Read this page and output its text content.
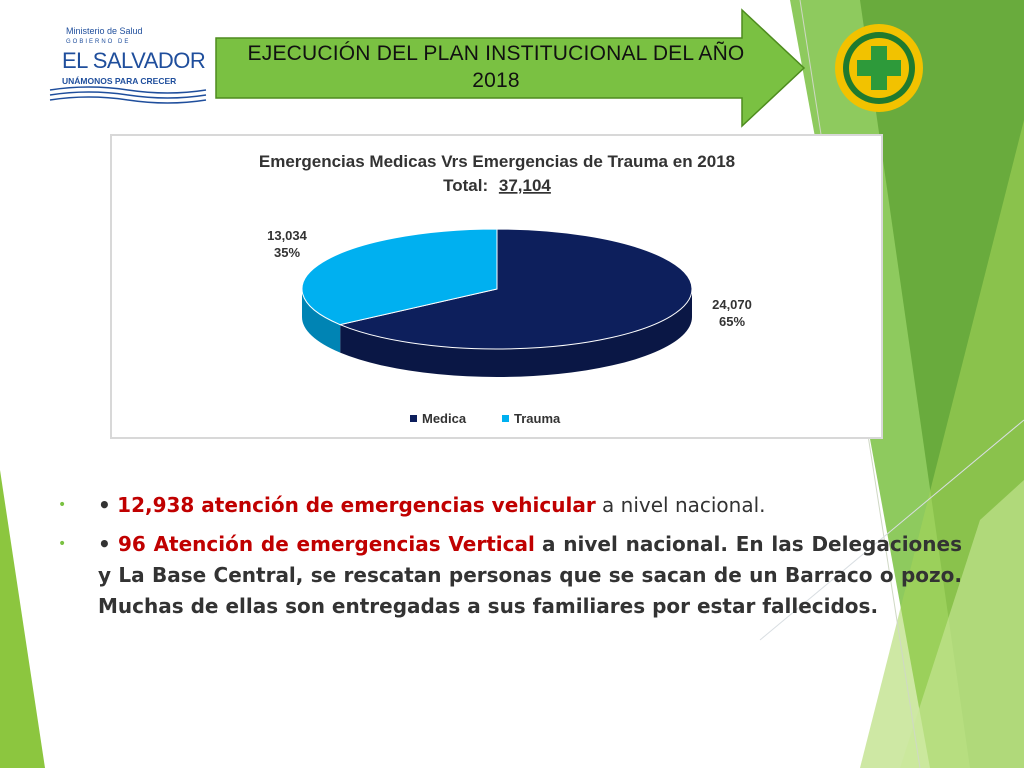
Ministerio de Salud
GOBIERNO DE
EL SALVADOR
UNÁMONOS PARA CRECER
EJECUCIÓN DEL PLAN INSTITUCIONAL DEL AÑO
2018
Emergencias Medicas Vrs Emergencias de Trauma en 2018
Total: 37,104
24,070
65%
13,034
35%
Medica	Trauma
• • 12,938 atención de emergencias vehicular a nivel nacional.
• • 96 Atención de emergencias Vertical a nivel nacional. En las Delegaciones y La Base Central, se rescatan personas que se sacan de un Barraco o pozo. Muchas de ellas son entregadas a sus familiares por estar fallecidos.
